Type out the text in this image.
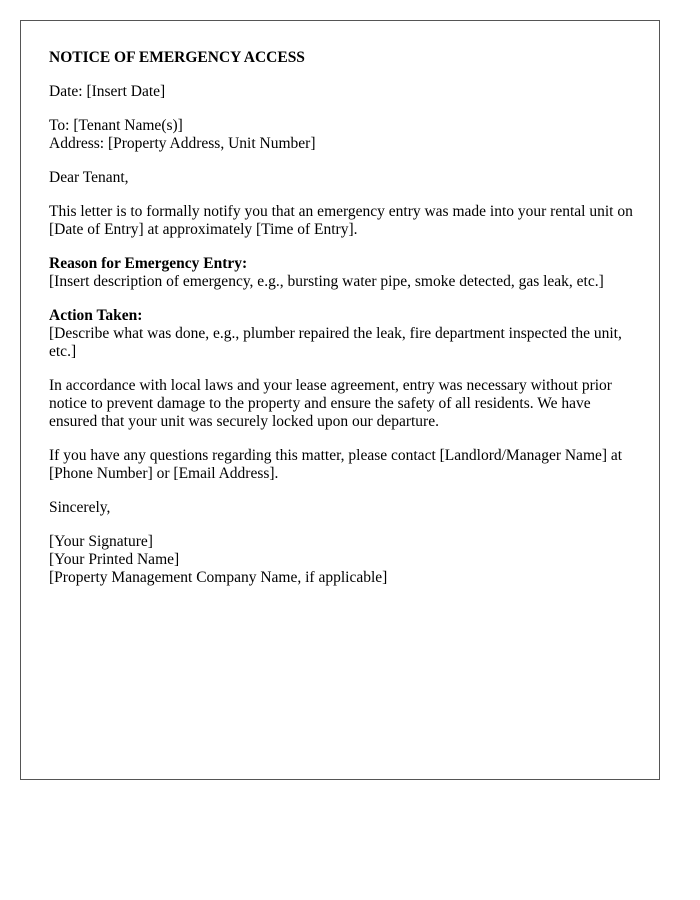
NOTICE OF EMERGENCY ACCESS
Date: [Insert Date]
To: [Tenant Name(s)]
Address: [Property Address, Unit Number]
Dear Tenant,
This letter is to formally notify you that an emergency entry was made into your rental unit on [Date of Entry] at approximately [Time of Entry].
Reason for Emergency Entry:
[Insert description of emergency, e.g., bursting water pipe, smoke detected, gas leak, etc.]
Action Taken:
[Describe what was done, e.g., plumber repaired the leak, fire department inspected the unit, etc.]
In accordance with local laws and your lease agreement, entry was necessary without prior notice to prevent damage to the property and ensure the safety of all residents. We have ensured that your unit was securely locked upon our departure.
If you have any questions regarding this matter, please contact [Landlord/Manager Name] at [Phone Number] or [Email Address].
Sincerely,
[Your Signature]
[Your Printed Name]
[Property Management Company Name, if applicable]
